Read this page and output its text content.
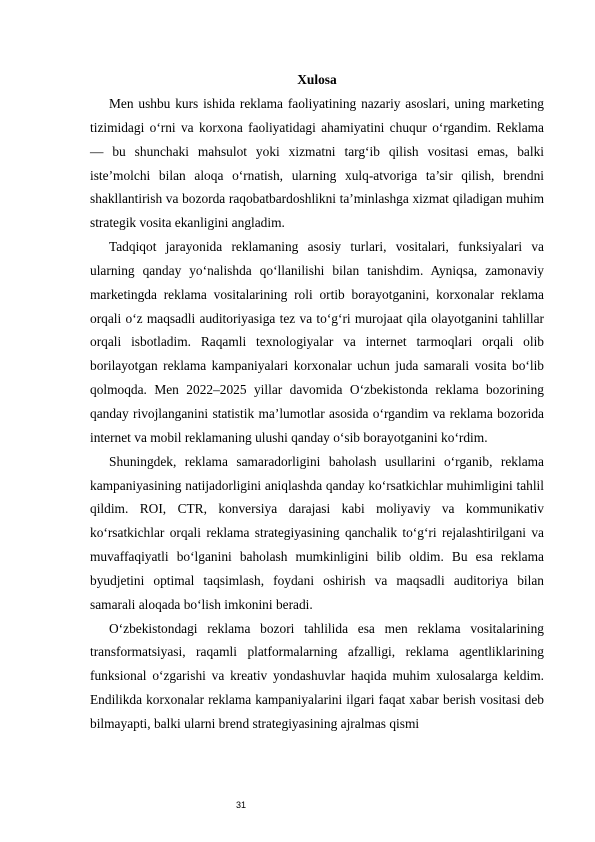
Xulosa

Men ushbu kurs ishida reklama faoliyatining nazariy asoslari, uning marketing tizimidagi o‘rni va korxona faoliyatidagi ahamiyatini chuqur o‘rgandim. Reklama — bu shunchaki mahsulot yoki xizmatni targ‘ib qilish vositasi emas, balki iste’molchi bilan aloqa o‘rnatish, ularning xulq-atvoriga ta’sir qilish, brendni shakllantirish va bozorda raqobatbardoshlikni ta’minlashga xizmat qiladigan muhim strategik vosita ekanligini angladim.

Tadqiqot jarayonida reklamaning asosiy turlari, vositalari, funksiyalari va ularning qanday yo‘nalishda qo‘llanilishi bilan tanishdim. Ayniqsa, zamonaviy marketingda reklama vositalarining roli ortib borayotganini, korxonalar reklama orqali o‘z maqsadli auditoriyasiga tez va to‘g‘ri murojaat qila olayotganini tahlillar orqali isbotladim. Raqamli texnologiyalar va internet tarmoqlari orqali olib borilayotgan reklama kampaniyalari korxonalar uchun juda samarali vosita bo‘lib qolmoqda. Men 2022–2025 yillar davomida O‘zbekistonda reklama bozorining qanday rivojlanganini statistik ma’lumotlar asosida o‘rgandim va reklama bozorida internet va mobil reklamaning ulushi qanday o‘sib borayotganini ko‘rdim.

Shuningdek, reklama samaradorligini baholash usullarini o‘rganib, reklama kampaniyasining natijadorligini aniqlashda qanday ko‘rsatkichlar muhimligini tahlil qildim. ROI, CTR, konversiya darajasi kabi moliyaviy va kommunikativ ko‘rsatkichlar orqali reklama strategiyasining qanchalik to‘g‘ri rejalashtirilgani va muvaffaqiyatli bo‘lganini baholash mumkinligini bilib oldim. Bu esa reklama byudjetini optimal taqsimlash, foydani oshirish va maqsadli auditoriya bilan samarali aloqada bo‘lish imkonini beradi.

O‘zbekistondagi reklama bozori tahlilida esa men reklama vositalarining transformatsiyasi, raqamli platformalarning afzalligi, reklama agentliklarining funksional o‘zgarishi va kreativ yondashuvlar haqida muhim xulosalarga keldim. Endilikda korxonalar reklama kampaniyalarini ilgari faqat xabar berish vositasi deb bilmayapti, balki ularni brend strategiyasining ajralmas qismi

31
